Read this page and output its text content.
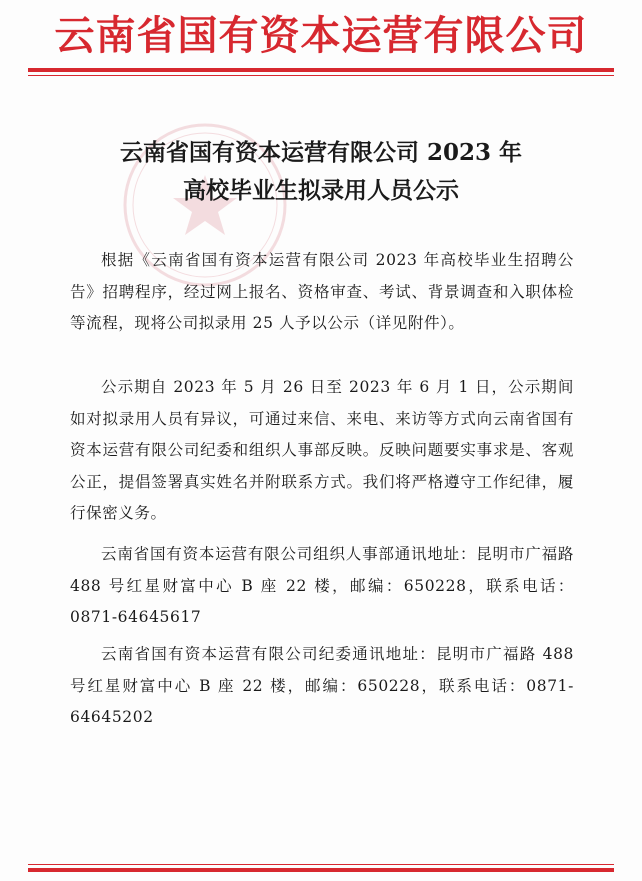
云南省国有资本运营有限公司
云南省国有资本运营有限公司 2023 年
高校毕业生拟录用人员公示

根据《云南省国有资本运营有限公司 2023 年高校毕业生招聘公告》招聘程序，经过网上报名、资格审查、考试、背景调查和入职体检等流程，现将公司拟录用 25 人予以公示（详见附件）。

公示期自 2023 年 5 月 26 日至 2023 年 6 月 1 日，公示期间如对拟录用人员有异议，可通过来信、来电、来访等方式向云南省国有资本运营有限公司纪委和组织人事部反映。反映问题要实事求是、客观公正，提倡签署真实姓名并附联系方式。我们将严格遵守工作纪律，履行保密义务。

云南省国有资本运营有限公司组织人事部通讯地址：昆明市广福路 488 号红星财富中心 B 座 22 楼，邮编：650228，联系电话：0871-64645617

云南省国有资本运营有限公司纪委通讯地址：昆明市广福路 488 号红星财富中心 B 座 22 楼，邮编：650228，联系电话：0871-64645202
